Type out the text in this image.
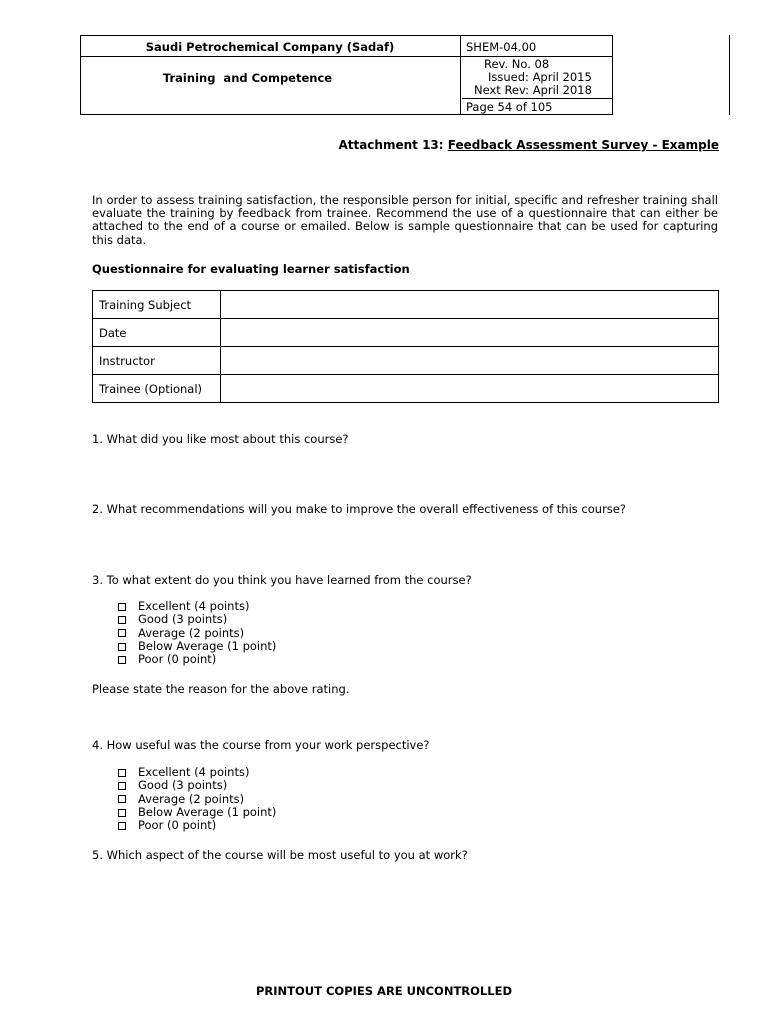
Saudi Petrochemical Company (Sadaf)
Training  and Competence
SHEM-04.00
Rev. No. 08
Issued: April 2015
Next Rev: April 2018
Page 54 of 105
Attachment 13: Feedback Assessment Survey - Example
In order to assess training satisfaction, the responsible person for initial, specific and refresher training shall evaluate the training by feedback from trainee. Recommend the use of a questionnaire that can either be attached to the end of a course or emailed. Below is sample questionnaire that can be used for capturing this data.
Questionnaire for evaluating learner satisfaction
Training Subject	
Date	
Instructor	
Trainee (Optional)	
1. What did you like most about this course?
2. What recommendations will you make to improve the overall effectiveness of this course?
3. To what extent do you think you have learned from the course?
Excellent (4 points)
Good (3 points)
Average (2 points)
Below Average (1 point)
Poor (0 point)
Please state the reason for the above rating.
4. How useful was the course from your work perspective?
Excellent (4 points)
Good (3 points)
Average (2 points)
Below Average (1 point)
Poor (0 point)
5. Which aspect of the course will be most useful to you at work?
PRINTOUT COPIES ARE UNCONTROLLED
